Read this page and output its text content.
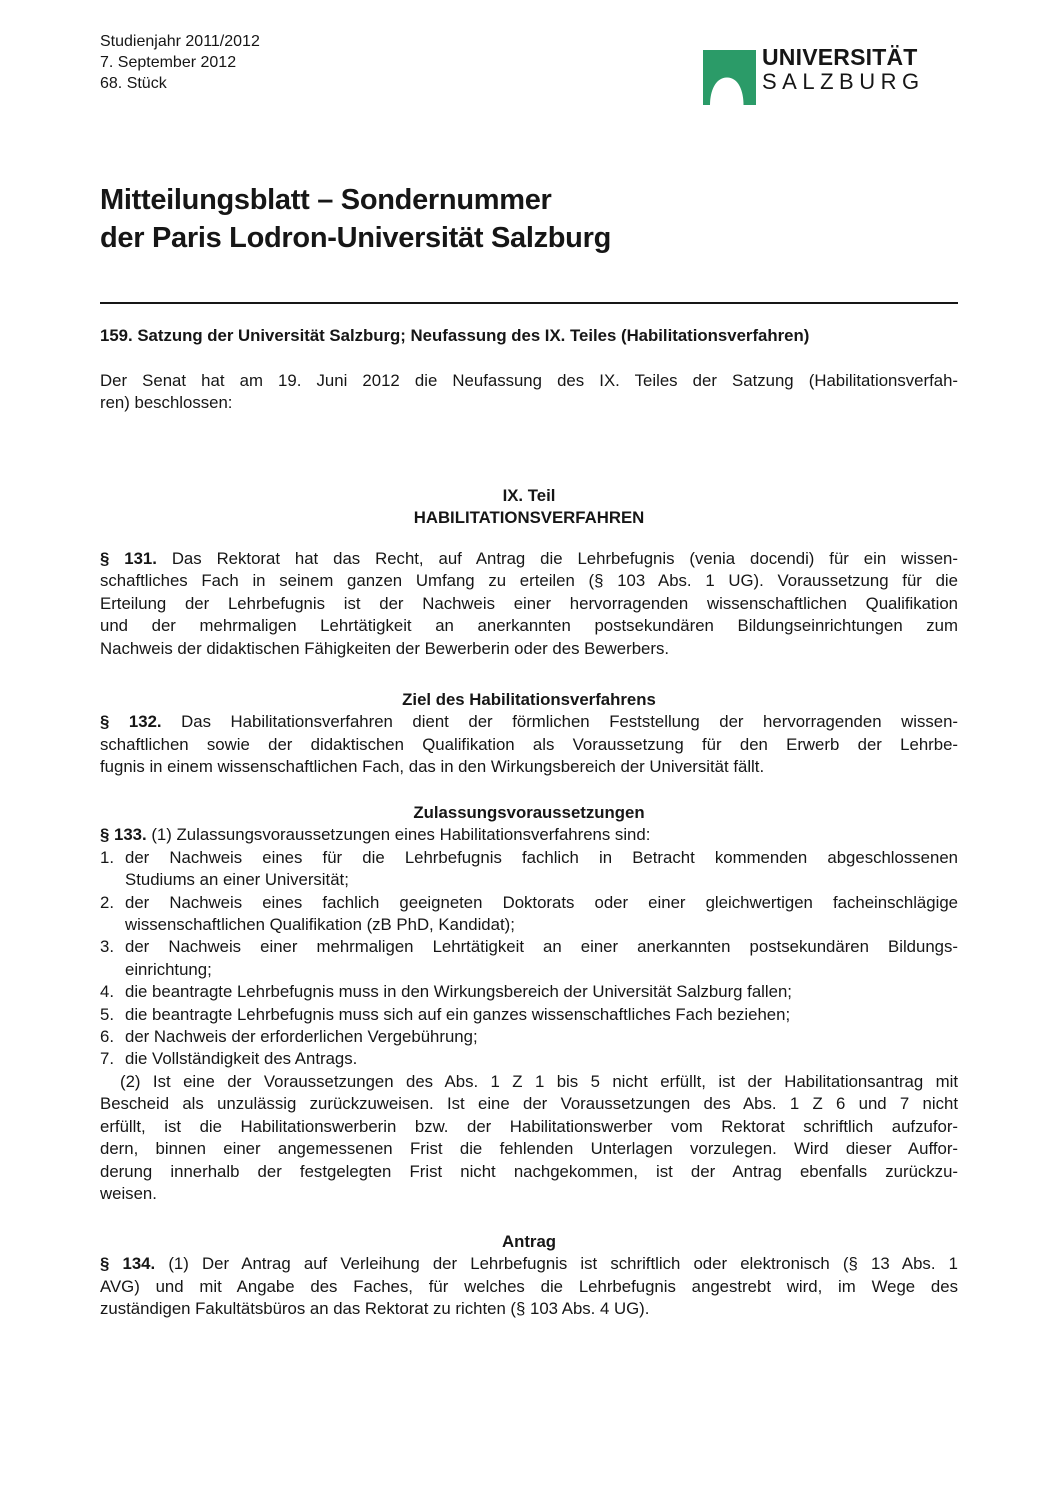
Studienjahr 2011/2012
7. September 2012
68. Stück
UNIVERSITÄT
SALZBURG
Mitteilungsblatt – Sondernummer
der Paris Lodron-Universität Salzburg
159. Satzung der Universität Salzburg; Neufassung des IX. Teiles (Habilitationsverfahren)
Der Senat hat am 19. Juni 2012 die Neufassung des IX. Teiles der Satzung (Habilitationsverfah-
ren) beschlossen:
IX. Teil
HABILITATIONSVERFAHREN
§ 131. Das Rektorat hat das Recht, auf Antrag die Lehrbefugnis (venia docendi) für ein wissen-
schaftliches Fach in seinem ganzen Umfang zu erteilen (§ 103 Abs. 1 UG). Voraussetzung für die
Erteilung der Lehrbefugnis ist der Nachweis einer hervorragenden wissenschaftlichen Qualifikation
und der mehrmaligen Lehrtätigkeit an anerkannten postsekundären Bildungseinrichtungen zum
Nachweis der didaktischen Fähigkeiten der Bewerberin oder des Bewerbers.
Ziel des Habilitationsverfahrens
§ 132. Das Habilitationsverfahren dient der förmlichen Feststellung der hervorragenden wissen-
schaftlichen sowie der didaktischen Qualifikation als Voraussetzung für den Erwerb der Lehrbe-
fugnis in einem wissenschaftlichen Fach, das in den Wirkungsbereich der Universität fällt.
Zulassungsvoraussetzungen
§ 133. (1) Zulassungsvoraussetzungen eines Habilitationsverfahrens sind:
1. der Nachweis eines für die Lehrbefugnis fachlich in Betracht kommenden abgeschlossenen
Studiums an einer Universität;
2. der Nachweis eines fachlich geeigneten Doktorats oder einer gleichwertigen facheinschlägige
wissenschaftlichen Qualifikation (zB PhD, Kandidat);
3. der Nachweis einer mehrmaligen Lehrtätigkeit an einer anerkannten postsekundären Bildungs-
einrichtung;
4. die beantragte Lehrbefugnis muss in den Wirkungsbereich der Universität Salzburg fallen;
5. die beantragte Lehrbefugnis muss sich auf ein ganzes wissenschaftliches Fach beziehen;
6. der Nachweis der erforderlichen Vergebührung;
7. die Vollständigkeit des Antrags.
(2) Ist eine der Voraussetzungen des Abs. 1 Z 1 bis 5 nicht erfüllt, ist der Habilitationsantrag mit
Bescheid als unzulässig zurückzuweisen. Ist eine der Voraussetzungen des Abs. 1 Z 6 und 7 nicht
erfüllt, ist die Habilitationswerberin bzw. der Habilitationswerber vom Rektorat schriftlich aufzufor-
dern, binnen einer angemessenen Frist die fehlenden Unterlagen vorzulegen. Wird dieser Auffor-
derung innerhalb der festgelegten Frist nicht nachgekommen, ist der Antrag ebenfalls zurückzu-
weisen.
Antrag
§ 134. (1) Der Antrag auf Verleihung der Lehrbefugnis ist schriftlich oder elektronisch (§ 13 Abs. 1
AVG) und mit Angabe des Faches, für welches die Lehrbefugnis angestrebt wird, im Wege des
zuständigen Fakultätsbüros an das Rektorat zu richten (§ 103 Abs. 4 UG).
